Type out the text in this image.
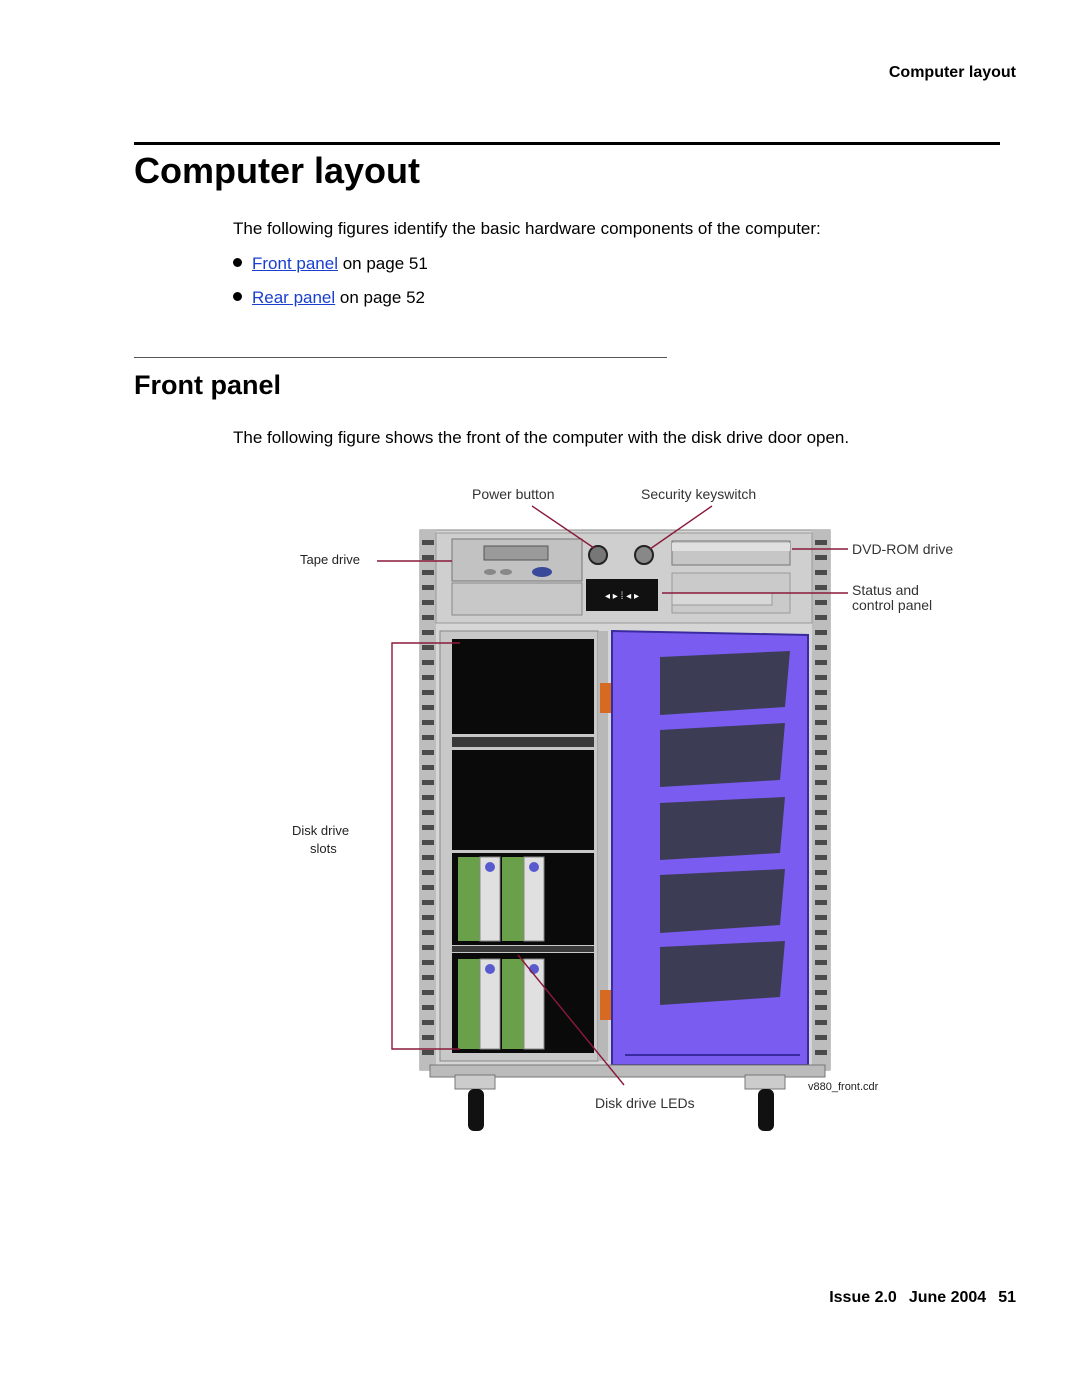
Computer layout
Computer layout
The following figures identify the basic hardware components of the computer:
Front panel on page 51
Rear panel on page 52
Front panel
The following figure shows the front of the computer with the disk drive door open.
◂ ▸ ⁞ ◂ ▸
Power button	Security keyswitch
Tape drive
DVD-ROM drive
Status and
control panel
Disk drive
slots
Disk drive LEDs
v880_front.cdr
Issue 2.0 June 2004 51
